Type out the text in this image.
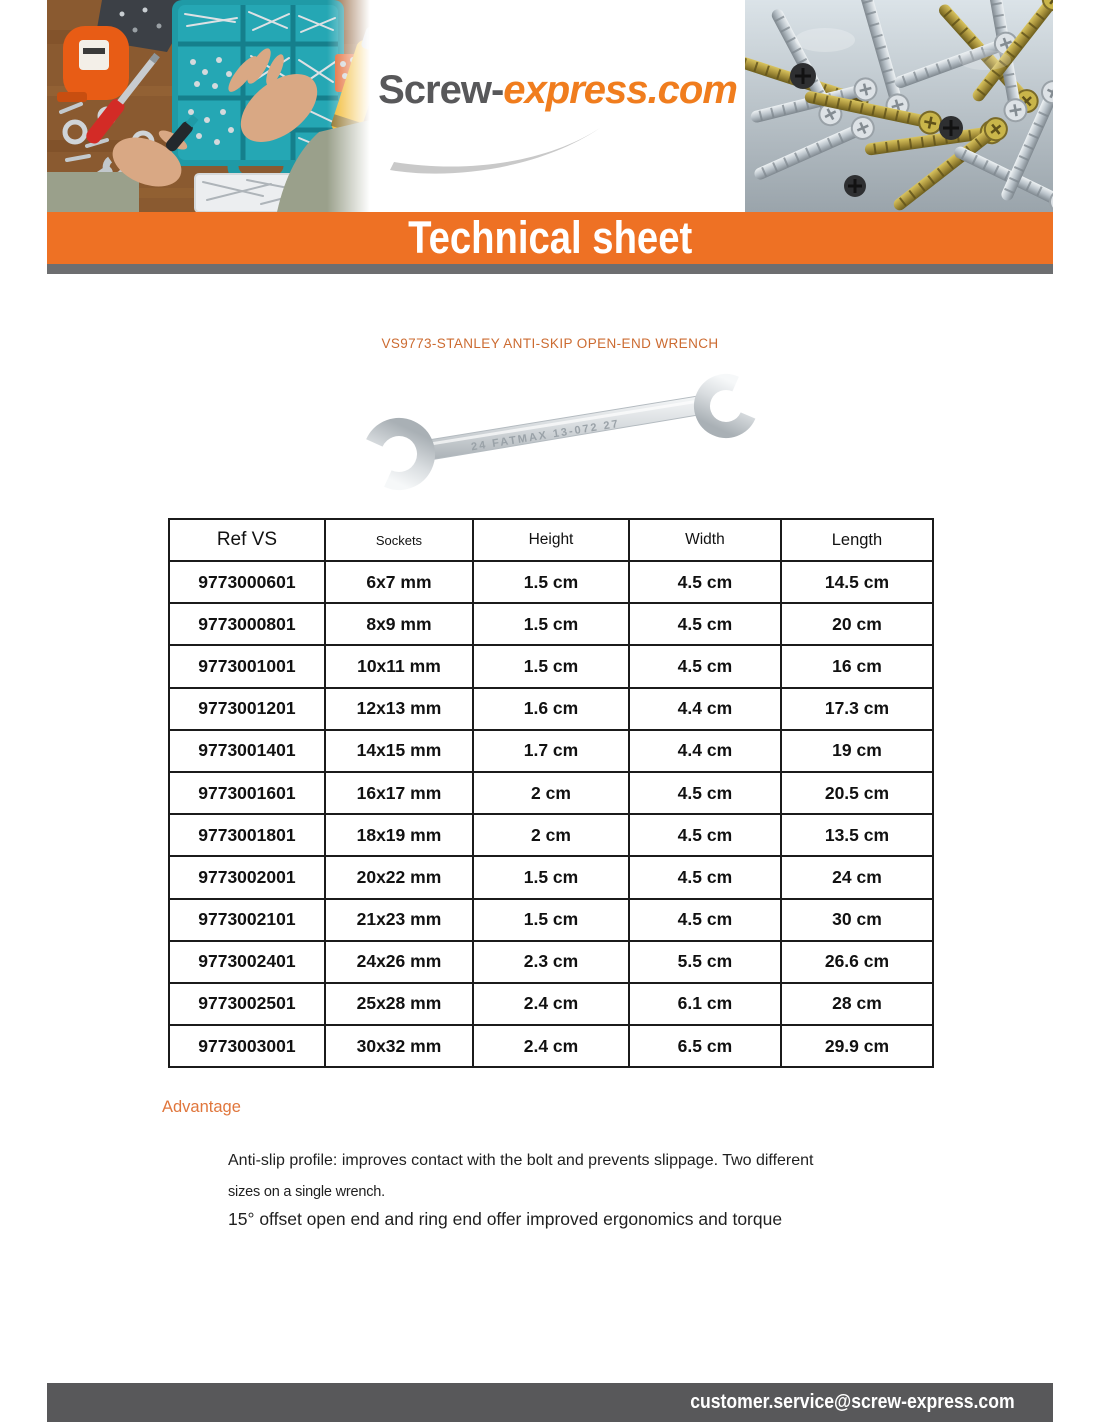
Screw-express.com
Technical sheet
VS9773-STANLEY ANTI-SKIP OPEN-END WRENCH
24 FATMAX 13-072 27
Ref VS	Sockets	Height	Width	Length
9773000601	6x7 mm	1.5 cm	4.5 cm	14.5 cm
9773000801	8x9 mm	1.5 cm	4.5 cm	20 cm
9773001001	10x11 mm	1.5 cm	4.5 cm	16 cm
9773001201	12x13 mm	1.6 cm	4.4 cm	17.3 cm
9773001401	14x15 mm	1.7 cm	4.4 cm	19 cm
9773001601	16x17 mm	2 cm	4.5 cm	20.5 cm
9773001801	18x19 mm	2 cm	4.5 cm	13.5 cm
9773002001	20x22 mm	1.5 cm	4.5 cm	24 cm
9773002101	21x23 mm	1.5 cm	4.5 cm	30 cm
9773002401	24x26 mm	2.3 cm	5.5 cm	26.6 cm
9773002501	25x28 mm	2.4 cm	6.1 cm	28 cm
9773003001	30x32 mm	2.4 cm	6.5 cm	29.9 cm
Advantage

Anti-slip profile: improves contact with the bolt and prevents slippage. Two different

sizes on a single wrench.

15° offset open end and ring end offer improved ergonomics and torque

customer.service@screw-express.com
